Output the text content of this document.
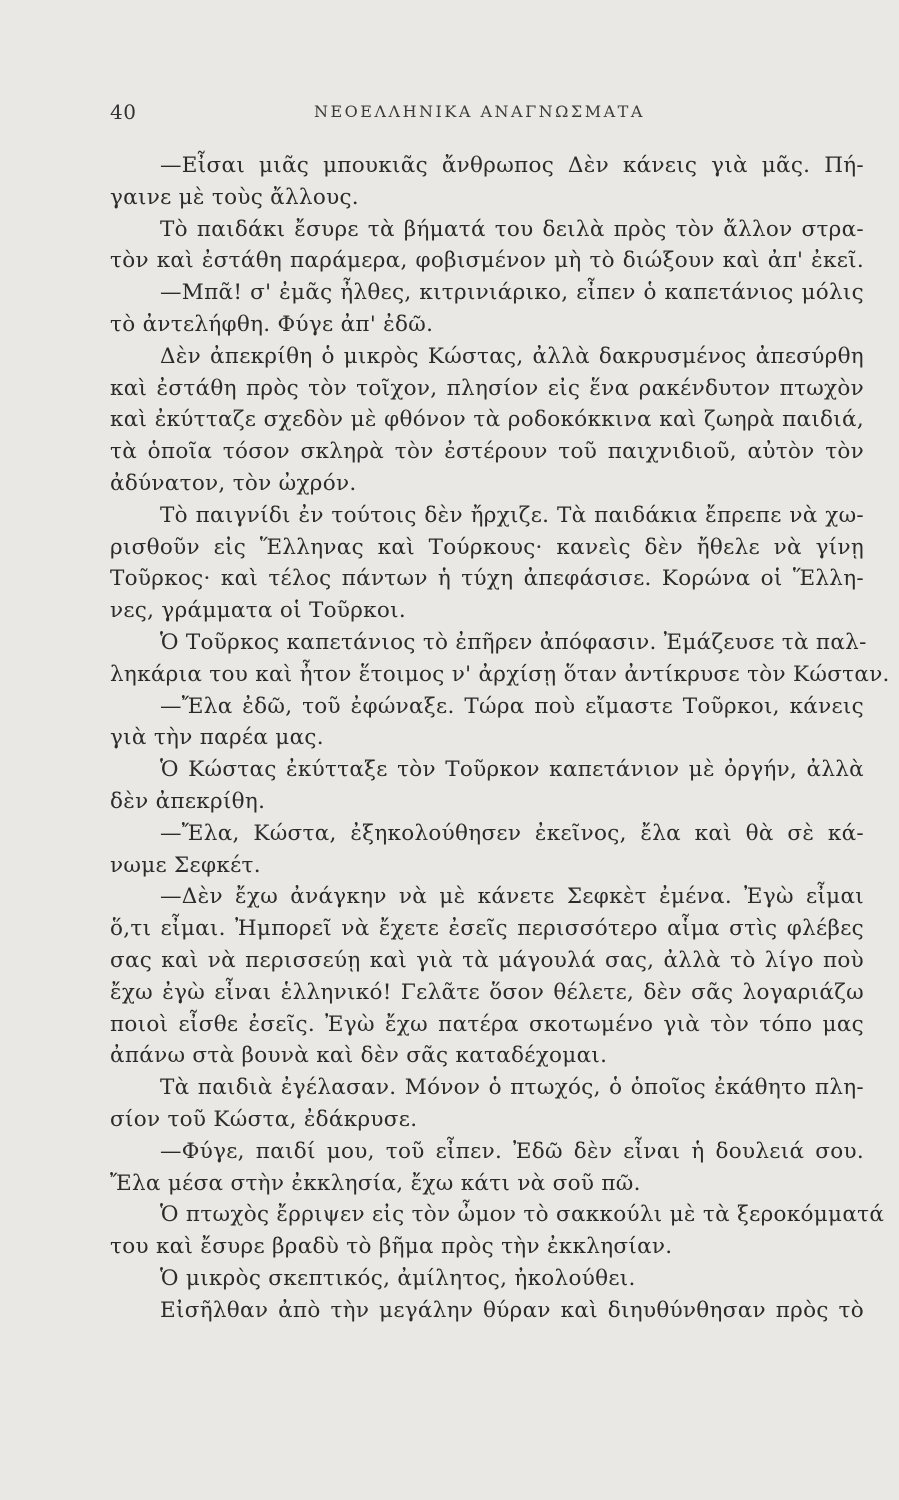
40	ΝΕΟΕΛΛΗΝΙΚΑ ΑΝΑΓΝΩΣΜΑΤΑ
—Εἶσαι μιᾶς μπουκιᾶς ἄνθρωπος Δὲν κάνεις γιὰ μᾶς. Πή-
γαινε μὲ τοὺς ἄλλους.
Τὸ παιδάκι ἔσυρε τὰ βήματά του δειλὰ πρὸς τὸν ἄλλον στρα-
τὸν καὶ ἐστάθη παράμερα, φοβισμένον μὴ τὸ διώξουν καὶ ἀπ' ἐκεῖ.
—Μπᾶ! σ' ἐμᾶς ἦλθες, κιτρινιάρικο, εἶπεν ὁ καπετάνιος μόλις
τὸ ἀντελήφθη. Φύγε ἀπ' ἐδῶ.
Δὲν ἀπεκρίθη ὁ μικρὸς Κώστας, ἀλλὰ δακρυσμένος ἀπεσύρθη
καὶ ἐστάθη πρὸς τὸν τοῖχον, πλησίον εἰς ἕνα ρακένδυτον πτωχὸν
καὶ ἐκύτταζε σχεδὸν μὲ φθόνον τὰ ροδοκόκκινα καὶ ζωηρὰ παιδιά,
τὰ ὁποῖα τόσον σκληρὰ τὸν ἐστέρουν τοῦ παιχνιδιοῦ, αὐτὸν τὸν
ἀδύνατον, τὸν ὠχρόν.
Τὸ παιγνίδι ἐν τούτοις δὲν ἤρχιζε. Τὰ παιδάκια ἔπρεπε νὰ χω-
ρισθοῦν εἰς Ἕλληνας καὶ Τούρκους· κανεὶς δὲν ἤθελε νὰ γίνῃ
Τοῦρκος· καὶ τέλος πάντων ἡ τύχη ἀπεφάσισε. Κορώνα οἱ Ἕλλη-
νες, γράμματα οἱ Τοῦρκοι.
Ὁ Τοῦρκος καπετάνιος τὸ ἐπῆρεν ἀπόφασιν. Ἐμάζευσε τὰ παλ-
ληκάρια του καὶ ἦτον ἕτοιμος ν' ἀρχίσῃ ὅταν ἀντίκρυσε τὸν Κώσταν.
—Ἔλα ἐδῶ, τοῦ ἐφώναξε. Τώρα ποὺ εἴμαστε Τοῦρκοι, κάνεις
γιὰ τὴν παρέα μας.
Ὁ Κώστας ἐκύτταξε τὸν Τοῦρκον καπετάνιον μὲ ὀργήν, ἀλλὰ
δὲν ἀπεκρίθη.
—Ἔλα, Κώστα, ἐξηκολούθησεν ἐκεῖνος, ἔλα καὶ θὰ σὲ κά-
νωμε Σεφκέτ.
—Δὲν ἔχω ἀνάγκην νὰ μὲ κάνετε Σεφκὲτ ἐμένα. Ἐγὼ εἶμαι
ὅ,τι εἶμαι. Ἠμπορεῖ νὰ ἔχετε ἐσεῖς περισσότερο αἷμα στὶς φλέβες
σας καὶ νὰ περισσεύῃ καὶ γιὰ τὰ μάγουλά σας, ἀλλὰ τὸ λίγο ποὺ
ἔχω ἐγὼ εἶναι ἑλληνικό! Γελᾶτε ὅσον θέλετε, δὲν σᾶς λογαριάζω
ποιοὶ εἶσθε ἐσεῖς. Ἐγὼ ἔχω πατέρα σκοτωμένο γιὰ τὸν τόπο μας
ἀπάνω στὰ βουνὰ καὶ δὲν σᾶς καταδέχομαι.
Τὰ παιδιὰ ἐγέλασαν. Μόνον ὁ πτωχός, ὁ ὁποῖος ἐκάθητο πλη-
σίον τοῦ Κώστα, ἐδάκρυσε.
—Φύγε, παιδί μου, τοῦ εἶπεν. Ἐδῶ δὲν εἶναι ἡ δουλειά σου.
Ἔλα μέσα στὴν ἐκκλησία, ἔχω κάτι νὰ σοῦ πῶ.
Ὁ πτωχὸς ἔρριψεν εἰς τὸν ὦμον τὸ σακκούλι μὲ τὰ ξεροκόμματά
του καὶ ἔσυρε βραδὺ τὸ βῆμα πρὸς τὴν ἐκκλησίαν.
Ὁ μικρὸς σκεπτικός, ἀμίλητος, ἠκολούθει.
Εἰσῆλθαν ἀπὸ τὴν μεγάλην θύραν καὶ διηυθύνθησαν πρὸς τὸ
